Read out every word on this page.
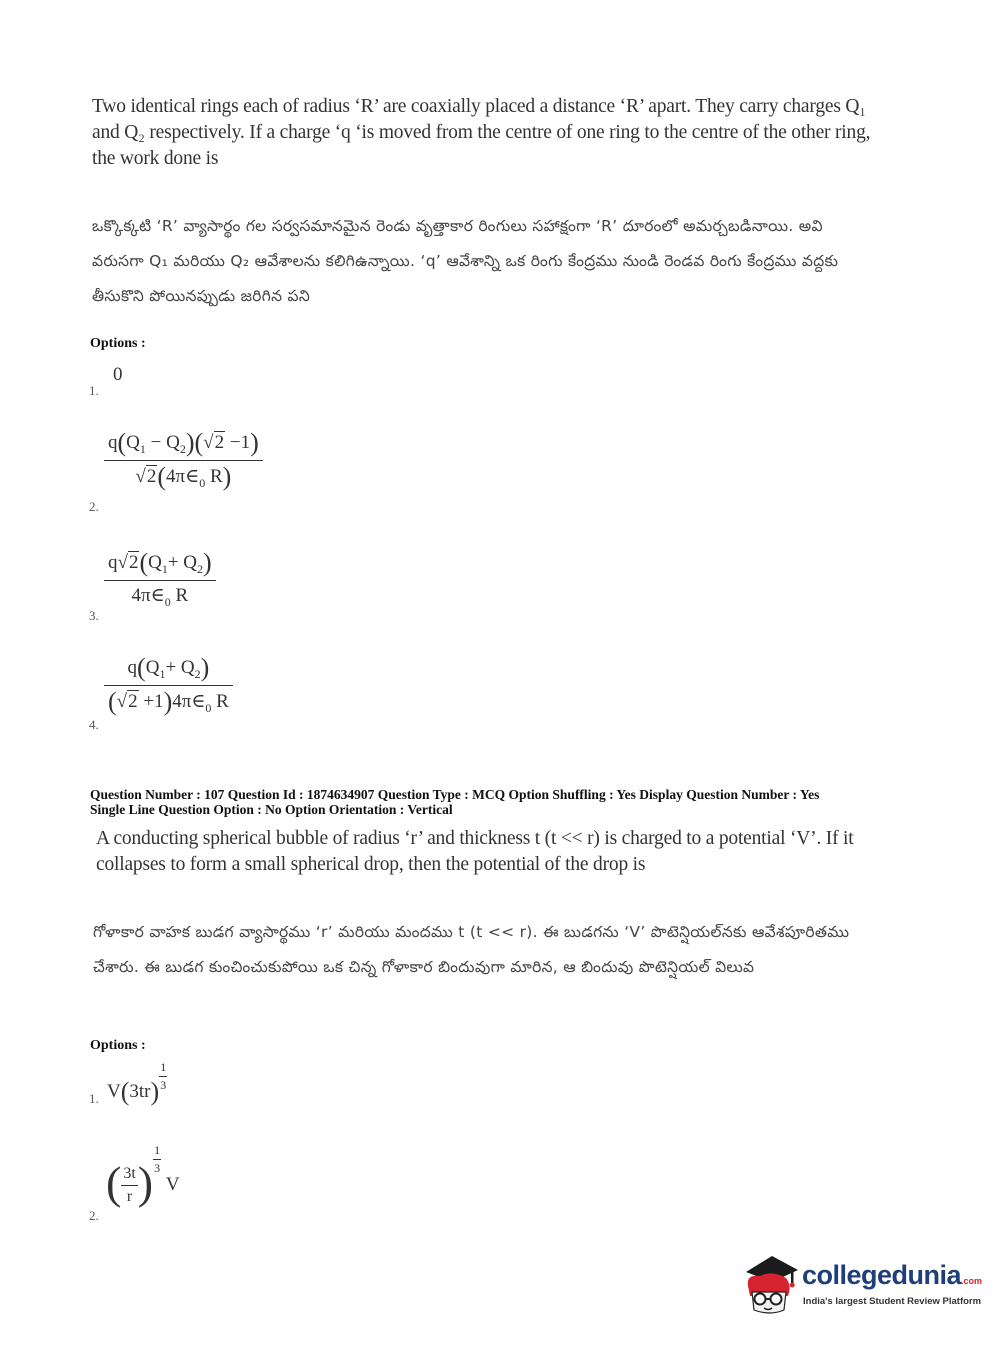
Two identical rings each of radius ‘R’ are coaxially placed a distance ‘R’ apart. They carry charges Q₁ and Q₂ respectively. If a charge ‘q ‘is moved from the centre of one ring to the centre of the other ring, the work done is
ఒక్కొక్కటి ‘R’ వ్యాసార్థం గల సర్వసమానమైన రెండు వృత్తాకార రింగులు సహాక్షంగా ‘R’ దూరంలో అమర్చబడినాయి. అవి వరుసగా Q₁ మరియు Q₂ ఆవేశాలను కలిగిఉన్నాయి. ‘q’ ఆవేశాన్ని ఒక రింగు కేంద్రము నుండి రెండవ రింగు కేంద్రము వద్దకు తీసుకొని పోయినప్పుడు జరిగిన పని
Options :
0
1.
$\frac{q(Q_1 - Q_2)(√2 -1)}{√2(4\pi\in_0 R)}$
2.
$\frac{q√2(Q_1+ Q_2)}{4\pi\in_0 R}$
3.
$\frac{q(Q_1+ Q_2)}{(√2 +1)4\pi\in_0 R}$
4.
Question Number : 107 Question Id : 1874634907 Question Type : MCQ Option Shuffling : Yes Display Question Number : Yes
Single Line Question Option : No Option Orientation : Vertical
A conducting spherical bubble of radius ‘r’ and thickness t (t << r) is charged to a potential ‘V’. If it collapses to form a small spherical drop, then the potential of the drop is
గోళాకార వాహక బుడగ వ్యాసార్థము ‘r’ మరియు మందము t (t << r). ఈ బుడగను ‘V’ పొటెన్షియల్‌నకు ఆవేశపూరితము చేశారు. ఈ బుడగ కుంచించుకుపోయి ఒక చిన్న గోళాకార బిందువుగా మారిన, ఆ బిందువు పొటెన్షియల్ విలువ
Options :
$V(3tr) \frac{1}{3}$
1.
( $\frac{3t}{r}$ ) $\frac{1}{3}$
V
2.
collegedunia.com
India's largest Student Review Platform
